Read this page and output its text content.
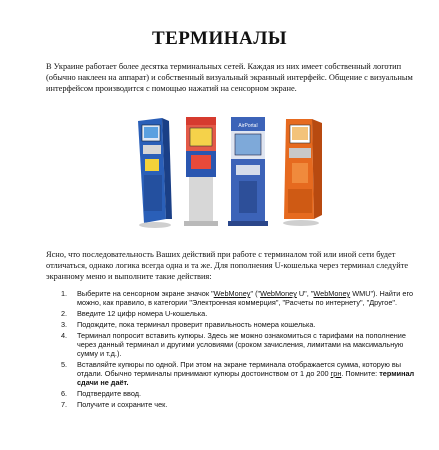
ТЕРМИНАЛЫ

В Украине работает более десятка терминальных сетей. Каждая из них имеет собственный логотип (обычно наклеен на аппарат) и собственный визуальный экранный интерфейс. Общение с визуальным интерфейсом производится с помощью нажатий на сенсорном экране.

AirPortal

Ясно, что последовательность Ваших действий при работе с терминалом той или иной сети будет отличаться, однако логика всегда одна и та же. Для пополнения U-кошелька через терминал следуйте экранному меню и выполните такие действия:

1. Выберите на сенсорном экране значок "WebMoney" ("WebMoney U", "WebMoney WMU"). Найти его можно, как правило, в категории "Электронная коммерция", "Расчеты по интернету", "Другое".
2. Введите 12 цифр номера U-кошелька.
3. Подождите, пока терминал проверит правильность номера кошелька.
4. Терминал попросит вставить купюры. Здесь же можно ознакомиться с тарифами на пополнение через данный терминал и другими условиями (сроком зачисления, лимитами на максимальную сумму и т.д.).
5. Вставляйте купюры по одной. При этом на экране терминала отображается сумма, которую вы отдали. Обычно терминалы принимают купюры достоинством от 1 до 200 грн. Помните: терминал сдачи не даёт.
6. Подтвердите ввод.
7. Получите и сохраните чек.
